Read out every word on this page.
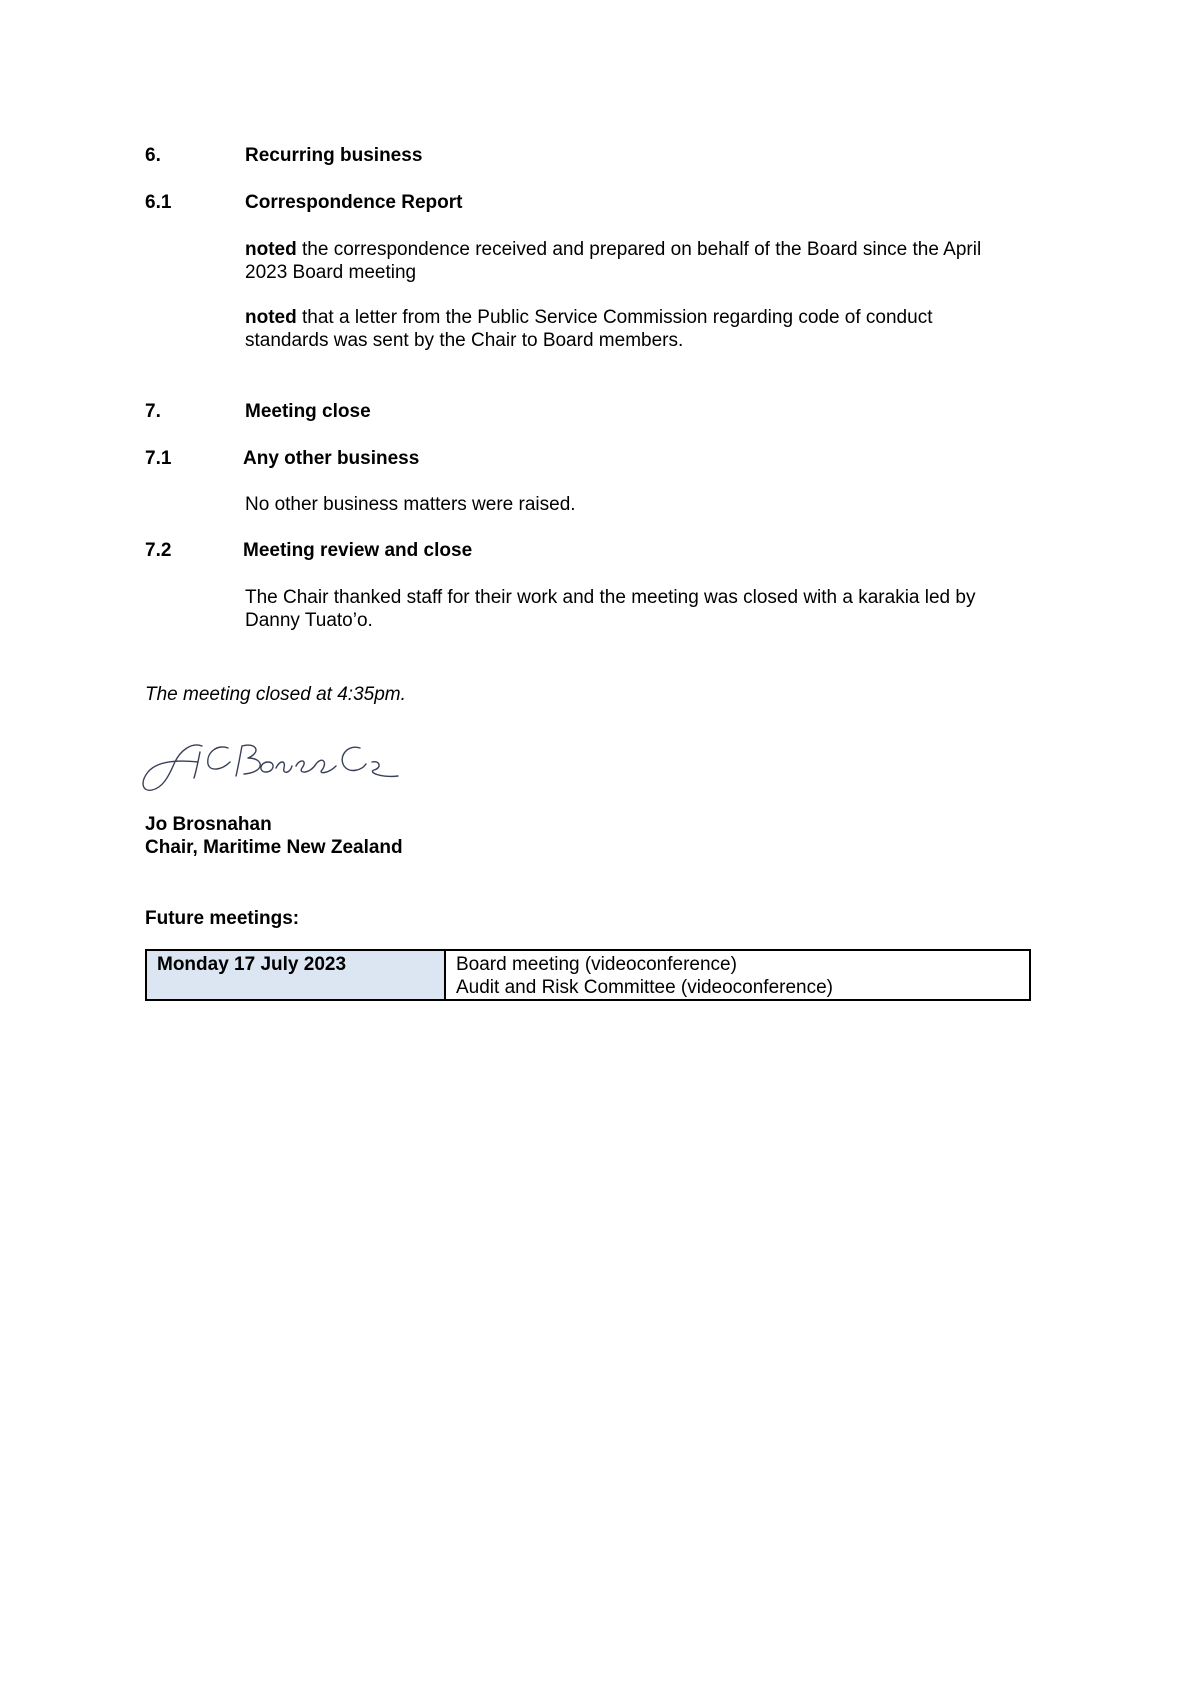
6.	Recurring business
6.1	Correspondence Report
noted the correspondence received and prepared on behalf of the Board since the April
2023 Board meeting
noted that a letter from the Public Service Commission regarding code of conduct
standards was sent by the Chair to Board members.
7.	Meeting close
7.1	Any other business
No other business matters were raised.
7.2	Meeting review and close
The Chair thanked staff for their work and the meeting was closed with a karakia led by
Danny Tuato’o.
The meeting closed at 4:35pm.
Jo Brosnahan
Chair, Maritime New Zealand
Future meetings:
Monday 17 July 2023	Board meeting (videoconference)
Audit and Risk Committee (videoconference)
